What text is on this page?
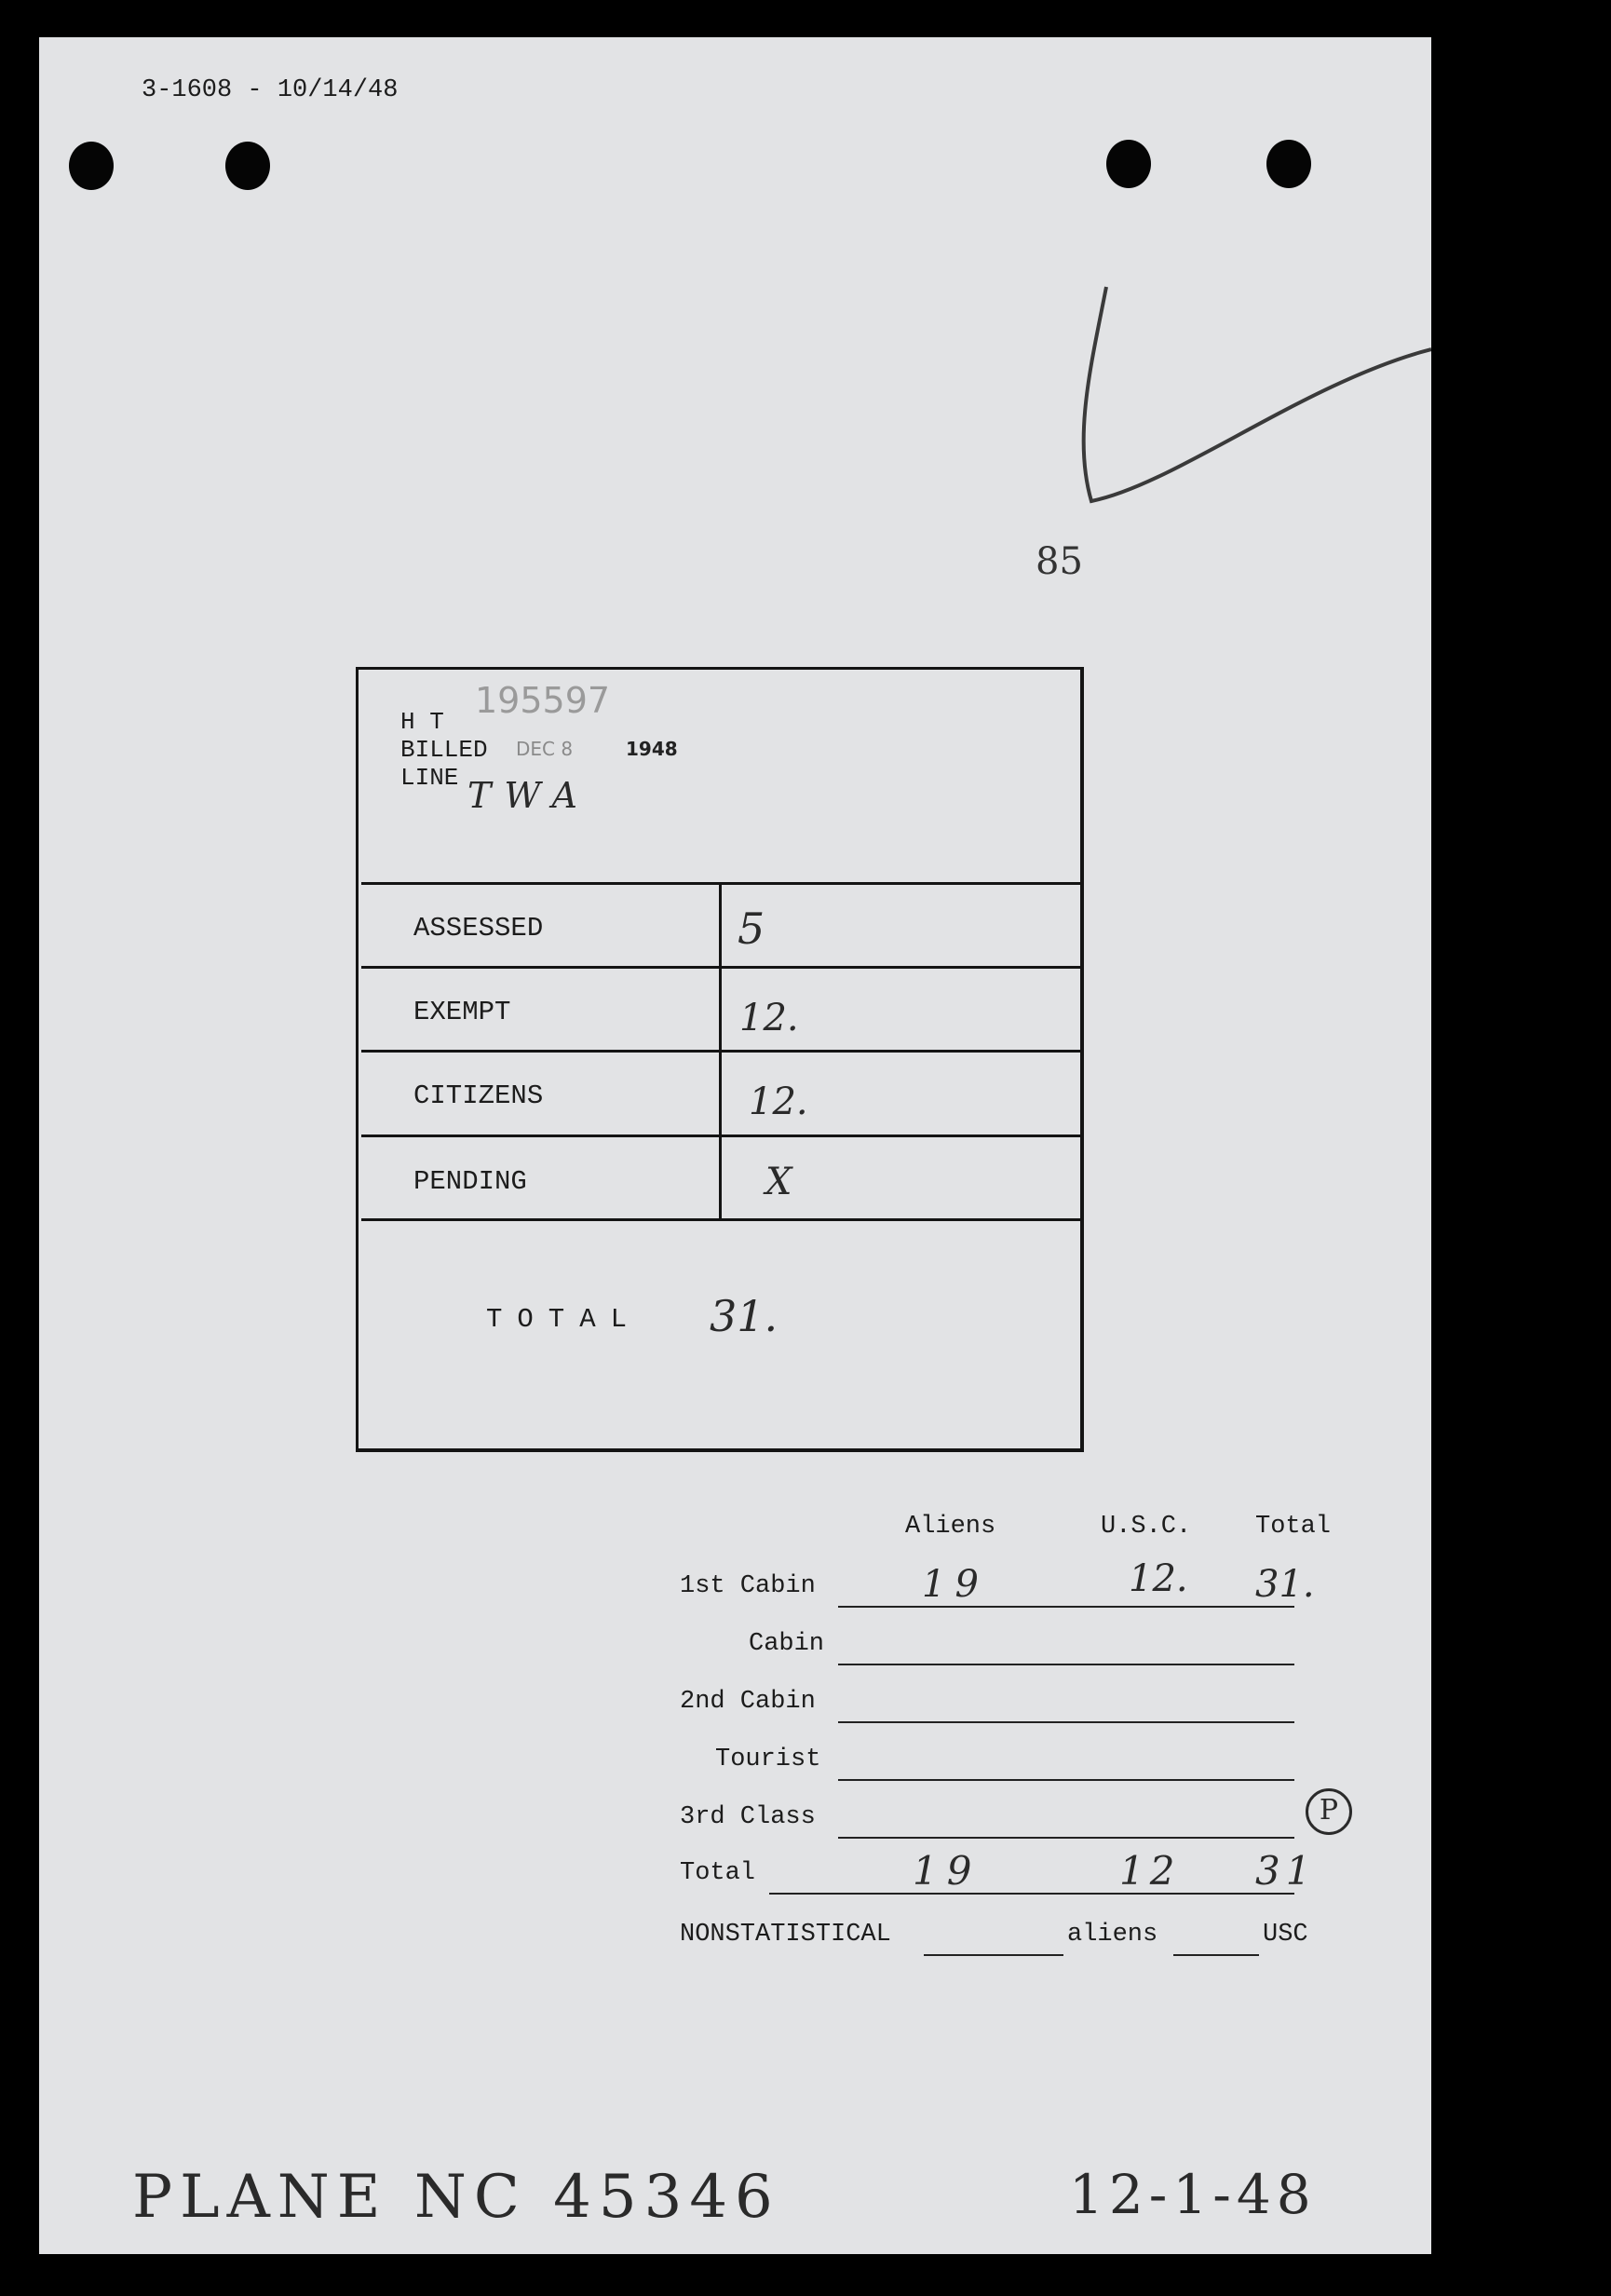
3-1608 - 10/14/48
85
195597
H T
BILLED
LINE
DEC 8	1948
TWA
ASSESSED	5
EXEMPT	12.
CITIZENS	12.
PENDING	X
TOTAL 31.
Aliens	U.S.C.	Total
1st Cabin	19	12. 31.
Cabin
2nd Cabin
Tourist
3rd Class	P
Total	19	12 31
NONSTATISTICAL	aliens	USC
PLANE NC 45346	12-1-48
